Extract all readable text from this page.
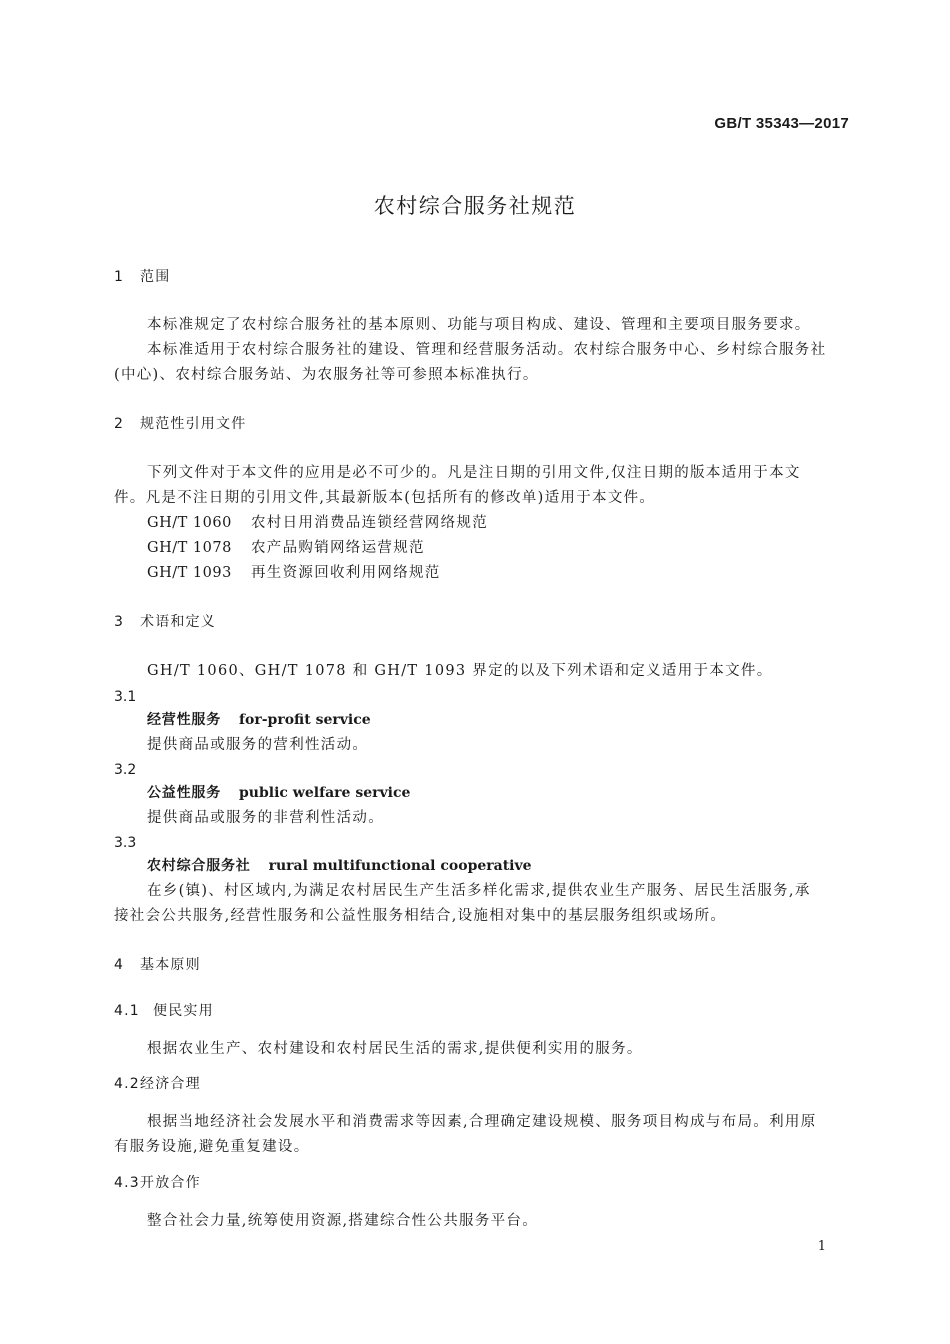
GB/T 35343—2017
农村综合服务社规范
1 范围
本标准规定了农村综合服务社的基本原则、功能与项目构成、建设、管理和主要项目服务要求。
本标准适用于农村综合服务社的建设、管理和经营服务活动。农村综合服务中心、乡村综合服务社
(中心)、农村综合服务站、为农服务社等可参照本标准执行。
2 规范性引用文件
下列文件对于本文件的应用是必不可少的。凡是注日期的引用文件,仅注日期的版本适用于本文
件。凡是不注日期的引用文件,其最新版本(包括所有的修改单)适用于本文件。
GH/T 1060 农村日用消费品连锁经营网络规范
GH/T 1078 农产品购销网络运营规范
GH/T 1093 再生资源回收利用网络规范
3 术语和定义
GH/T 1060、GH/T 1078 和 GH/T 1093 界定的以及下列术语和定义适用于本文件。
3.1
经营性服务 for-profit service
提供商品或服务的营利性活动。
3.2
公益性服务 public welfare service
提供商品或服务的非营利性活动。
3.3
农村综合服务社 rural multifunctional cooperative
在乡(镇)、村区域内,为满足农村居民生产生活多样化需求,提供农业生产服务、居民生活服务,承
接社会公共服务,经营性服务和公益性服务相结合,设施相对集中的基层服务组织或场所。
4 基本原则
4.1 便民实用
根据农业生产、农村建设和农村居民生活的需求,提供便利实用的服务。
4.2经济合理
根据当地经济社会发展水平和消费需求等因素,合理确定建设规模、服务项目构成与布局。利用原
有服务设施,避免重复建设。
4.3开放合作
整合社会力量,统筹使用资源,搭建综合性公共服务平台。
1
